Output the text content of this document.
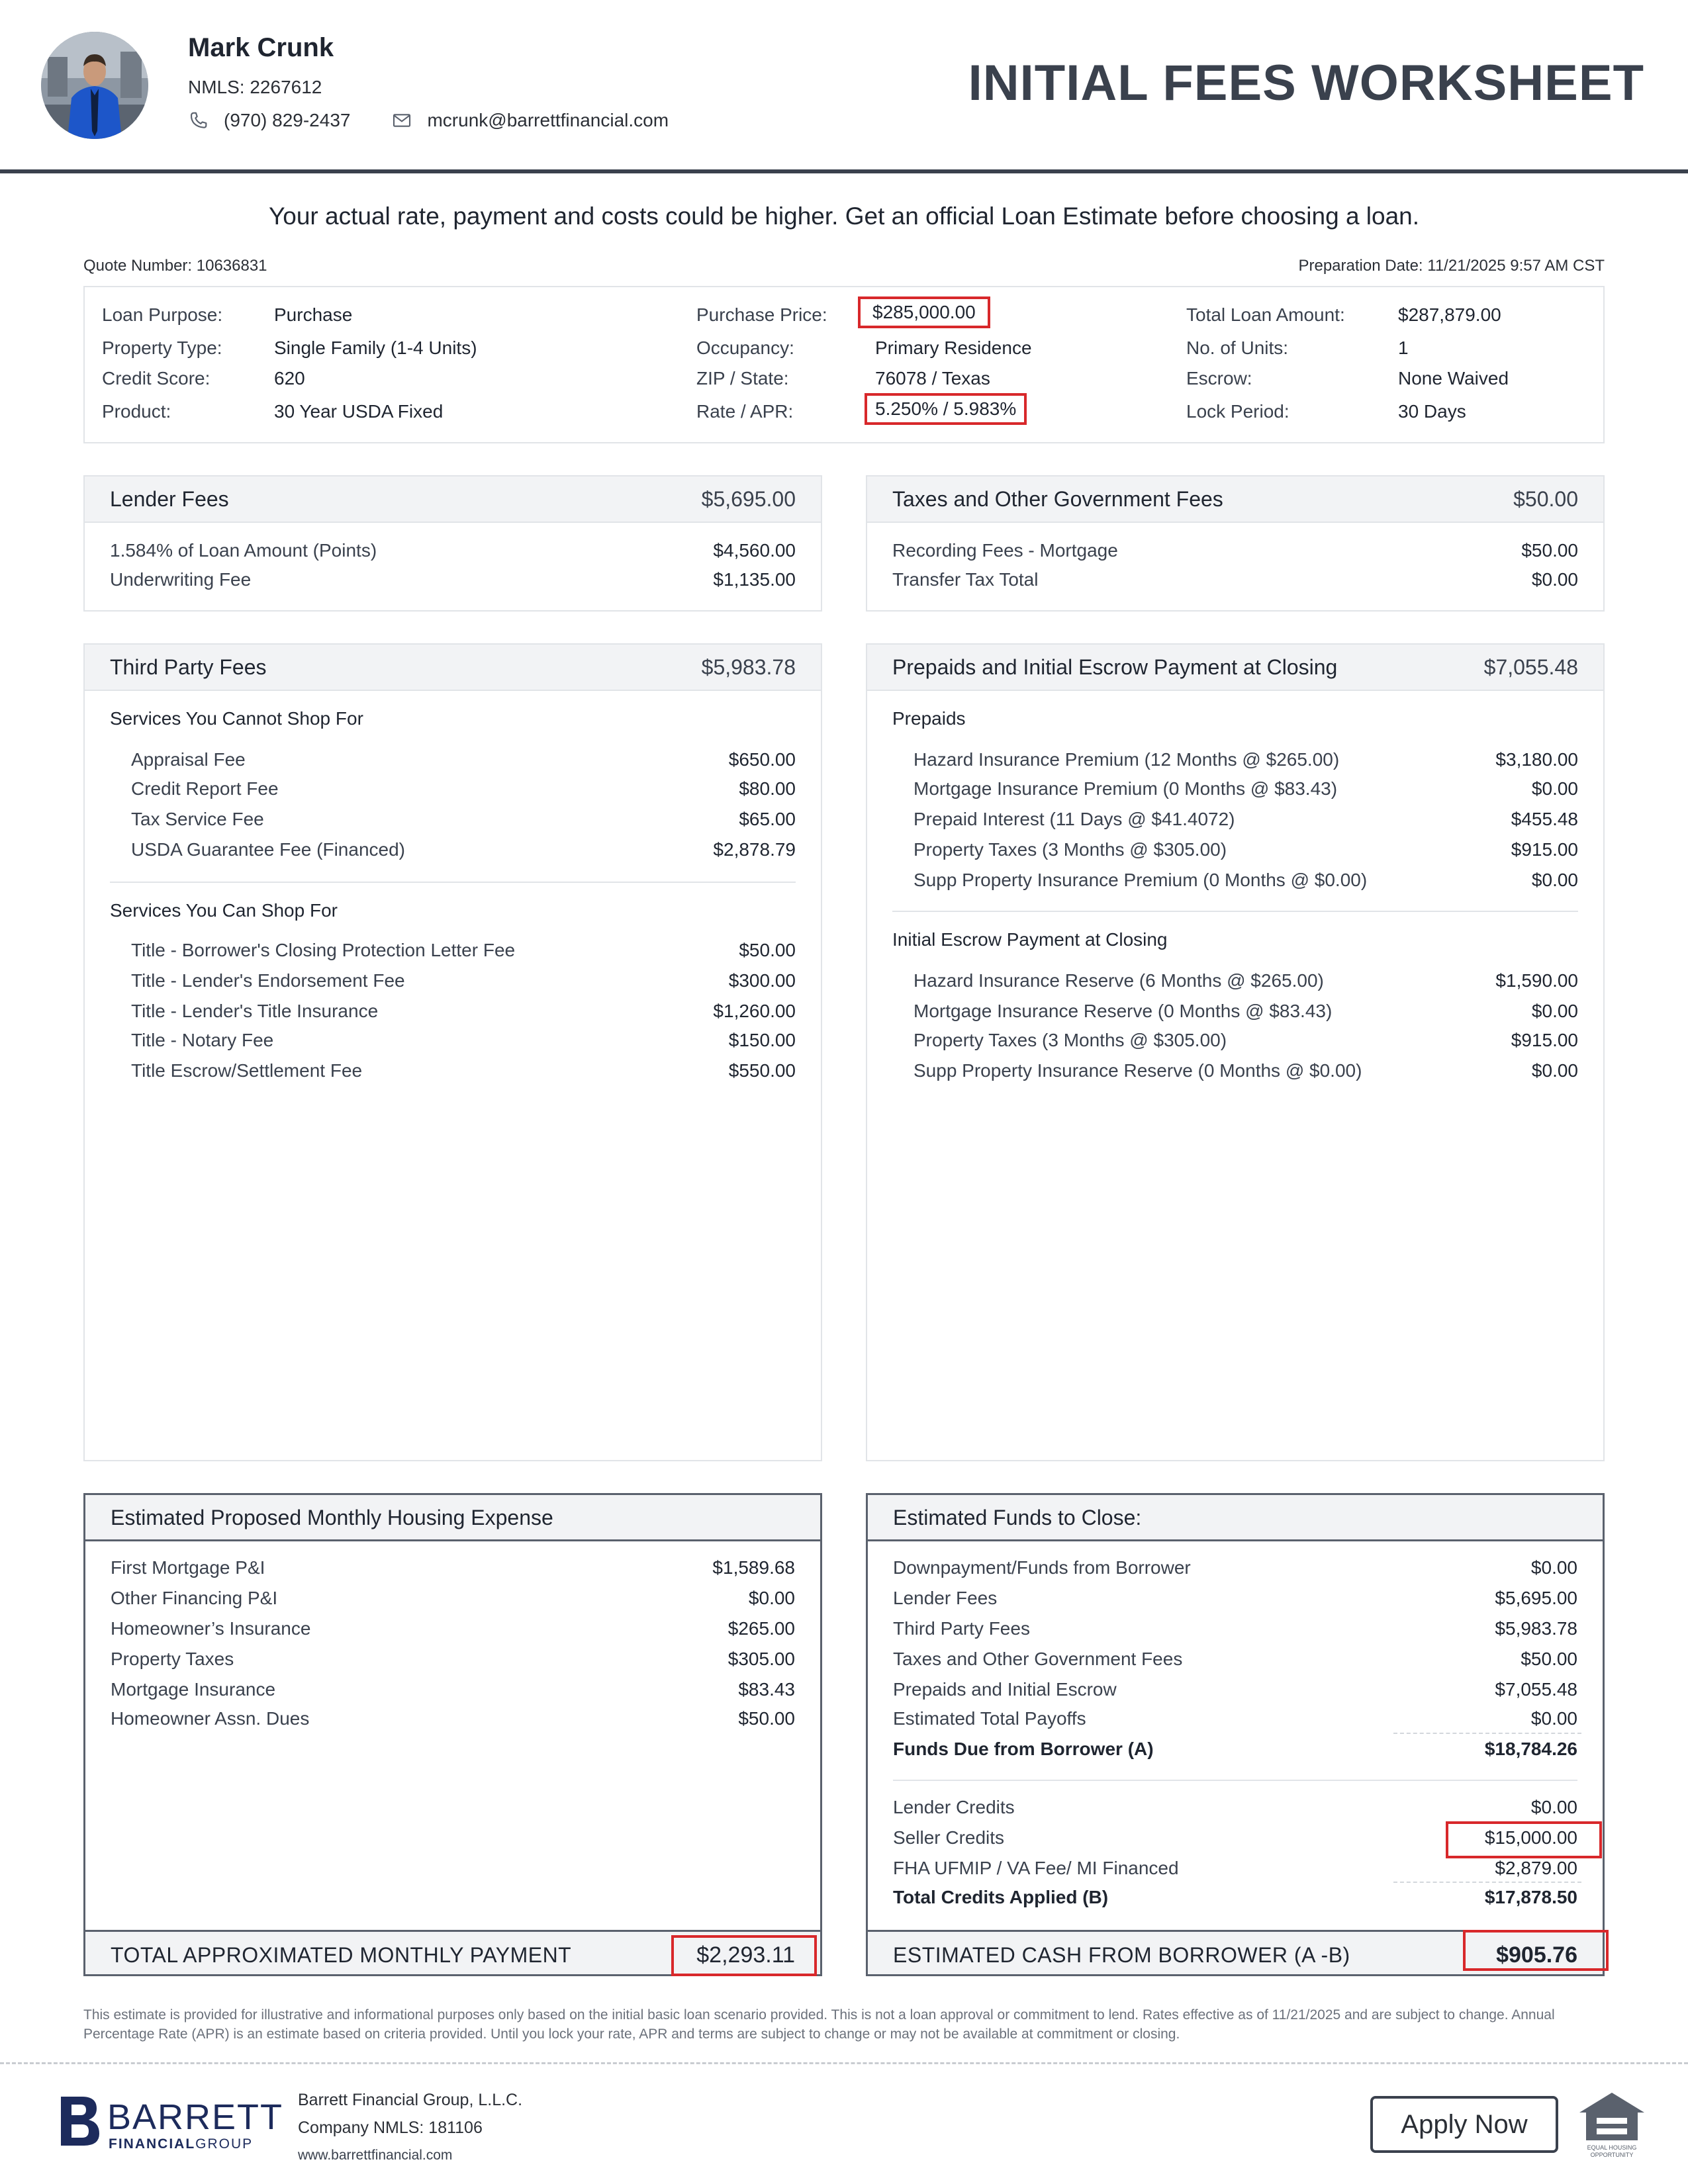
Mark Crunk
NMLS: 2267612
(970) 829-2437	mcrunk@barrettfinancial.com
INITIAL FEES WORKSHEET
Your actual rate, payment and costs could be higher. Get an official Loan Estimate before choosing a loan.
Quote Number: 10636831	Preparation Date: 11/21/2025 9:57 AM CST
Loan Purpose:	Purchase
Property Type:	Single Family (1-4 Units)
Credit Score:	620
Product:	30 Year USDA Fixed
Purchase Price:	$285,000.00
Occupancy:	Primary Residence
ZIP / State:	76078 / Texas
Rate / APR:	5.250% / 5.983%
Total Loan Amount:	$287,879.00
No. of Units:	1
Escrow:	None Waived
Lock Period:	30 Days
Lender Fees	$5,695.00
1.584% of Loan Amount (Points)	$4,560.00
Underwriting Fee	$1,135.00
Taxes and Other Government Fees	$50.00
Recording Fees - Mortgage	$50.00
Transfer Tax Total	$0.00
Third Party Fees	$5,983.78
Services You Cannot Shop For
Appraisal Fee	$650.00
Credit Report Fee	$80.00
Tax Service Fee	$65.00
USDA Guarantee Fee (Financed)	$2,878.79
Services You Can Shop For
Title - Borrower's Closing Protection Letter Fee	$50.00
Title - Lender's Endorsement Fee	$300.00
Title - Lender's Title Insurance	$1,260.00
Title - Notary Fee	$150.00
Title Escrow/Settlement Fee	$550.00
Prepaids and Initial Escrow Payment at Closing	$7,055.48
Prepaids
Hazard Insurance Premium (12 Months @ $265.00)	$3,180.00
Mortgage Insurance Premium (0 Months @ $83.43)	$0.00
Prepaid Interest (11 Days @ $41.4072)	$455.48
Property Taxes (3 Months @ $305.00)	$915.00
Supp Property Insurance Premium (0 Months @ $0.00)	$0.00
Initial Escrow Payment at Closing
Hazard Insurance Reserve (6 Months @ $265.00)	$1,590.00
Mortgage Insurance Reserve (0 Months @ $83.43)	$0.00
Property Taxes (3 Months @ $305.00)	$915.00
Supp Property Insurance Reserve (0 Months @ $0.00)	$0.00
Estimated Proposed Monthly Housing Expense
First Mortgage P&I	$1,589.68
Other Financing P&I	$0.00
Homeowner’s Insurance	$265.00
Property Taxes	$305.00
Mortgage Insurance	$83.43
Homeowner Assn. Dues	$50.00
TOTAL APPROXIMATED MONTHLY PAYMENT	$2,293.11
Estimated Funds to Close:
Downpayment/Funds from Borrower	$0.00
Lender Fees	$5,695.00
Third Party Fees	$5,983.78
Taxes and Other Government Fees	$50.00
Prepaids and Initial Escrow	$7,055.48
Estimated Total Payoffs	$0.00
Funds Due from Borrower (A)	$18,784.26
Lender Credits	$0.00
Seller Credits	$15,000.00
FHA UFMIP / VA Fee/ MI Financed	$2,879.00
Total Credits Applied (B)	$17,878.50
ESTIMATED CASH FROM BORROWER (A -B)	$905.76
This estimate is provided for illustrative and informational purposes only based on the initial basic loan scenario provided. This is not a loan approval or commitment to lend. Rates effective as of 11/21/2025 and are subject to change. Annual Percentage Rate (APR) is an estimate based on criteria provided. Until you lock your rate, APR and terms are subject to change or may not be available at commitment or closing.
BARRETT
FINANCIALGROUP
Barrett Financial Group, L.L.C.
Company NMLS: 181106
www.barrettfinancial.com
Apply Now
EQUAL HOUSING
OPPORTUNITY
